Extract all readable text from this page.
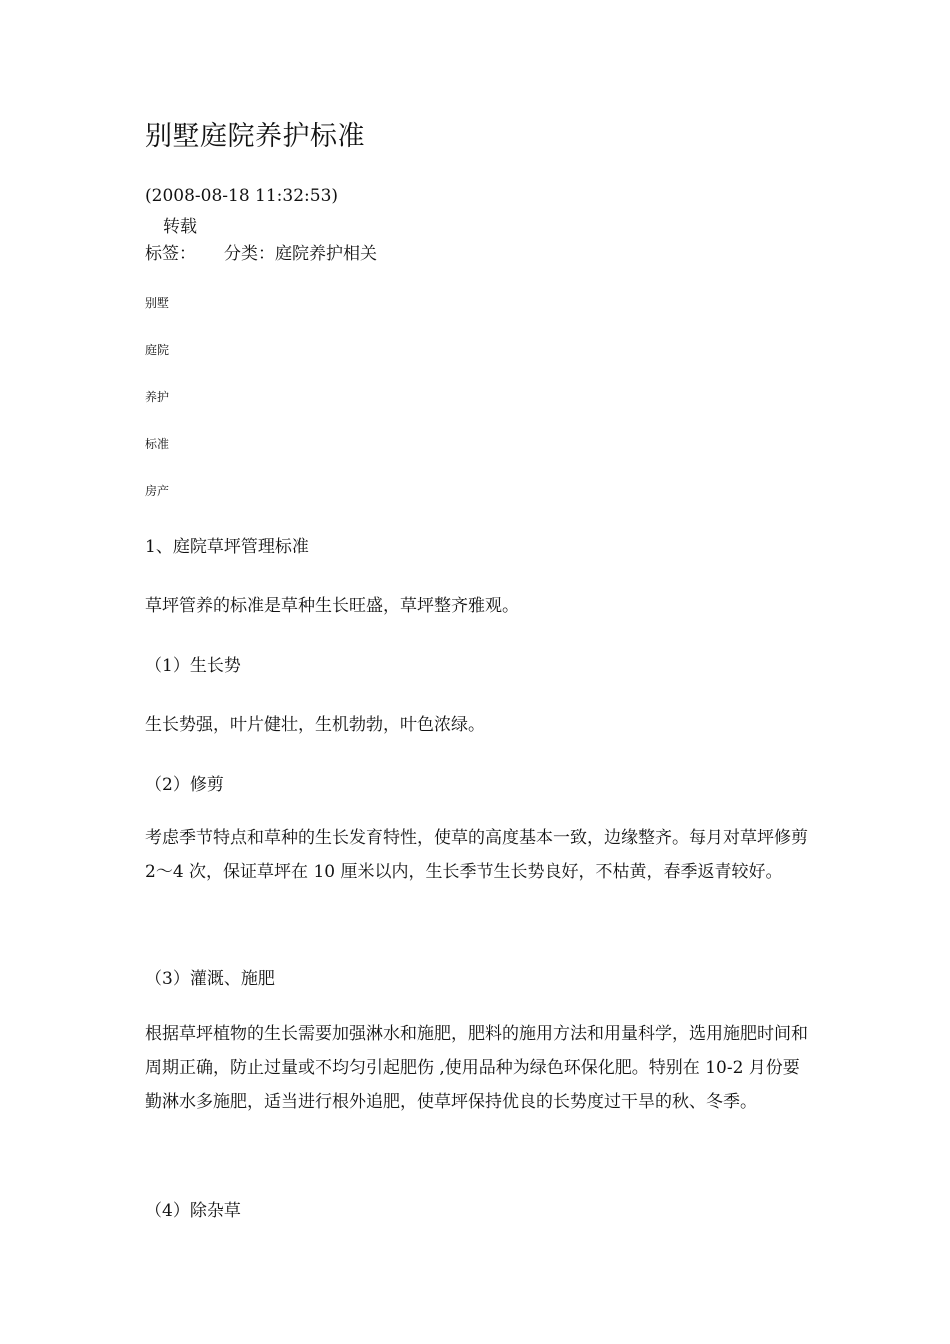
别墅庭院养护标准
(2008-08-18 11:32:53)
转载
标签： 分类：庭院养护相关
别墅
庭院
养护
标准
房产
1、庭院草坪管理标准
草坪管养的标准是草种生长旺盛，草坪整齐雅观。
（1）生长势
生长势强，叶片健壮，生机勃勃，叶色浓绿。
（2）修剪
考虑季节特点和草种的生长发育特性，使草的高度基本一致，边缘整齐。每月对草坪修剪 2～4 次，保证草坪在 10 厘米以内，生长季节生长势良好，不枯黄，春季返青较好。
（3）灌溉、施肥
根据草坪植物的生长需要加强淋水和施肥，肥料的施用方法和用量科学，选用施肥时间和周期正确，防止过量或不均匀引起肥伤 ,使用品种为绿色环保化肥。特别在 10-2 月份要勤淋水多施肥，适当进行根外追肥，使草坪保持优良的长势度过干旱的秋、冬季。
（4）除杂草
